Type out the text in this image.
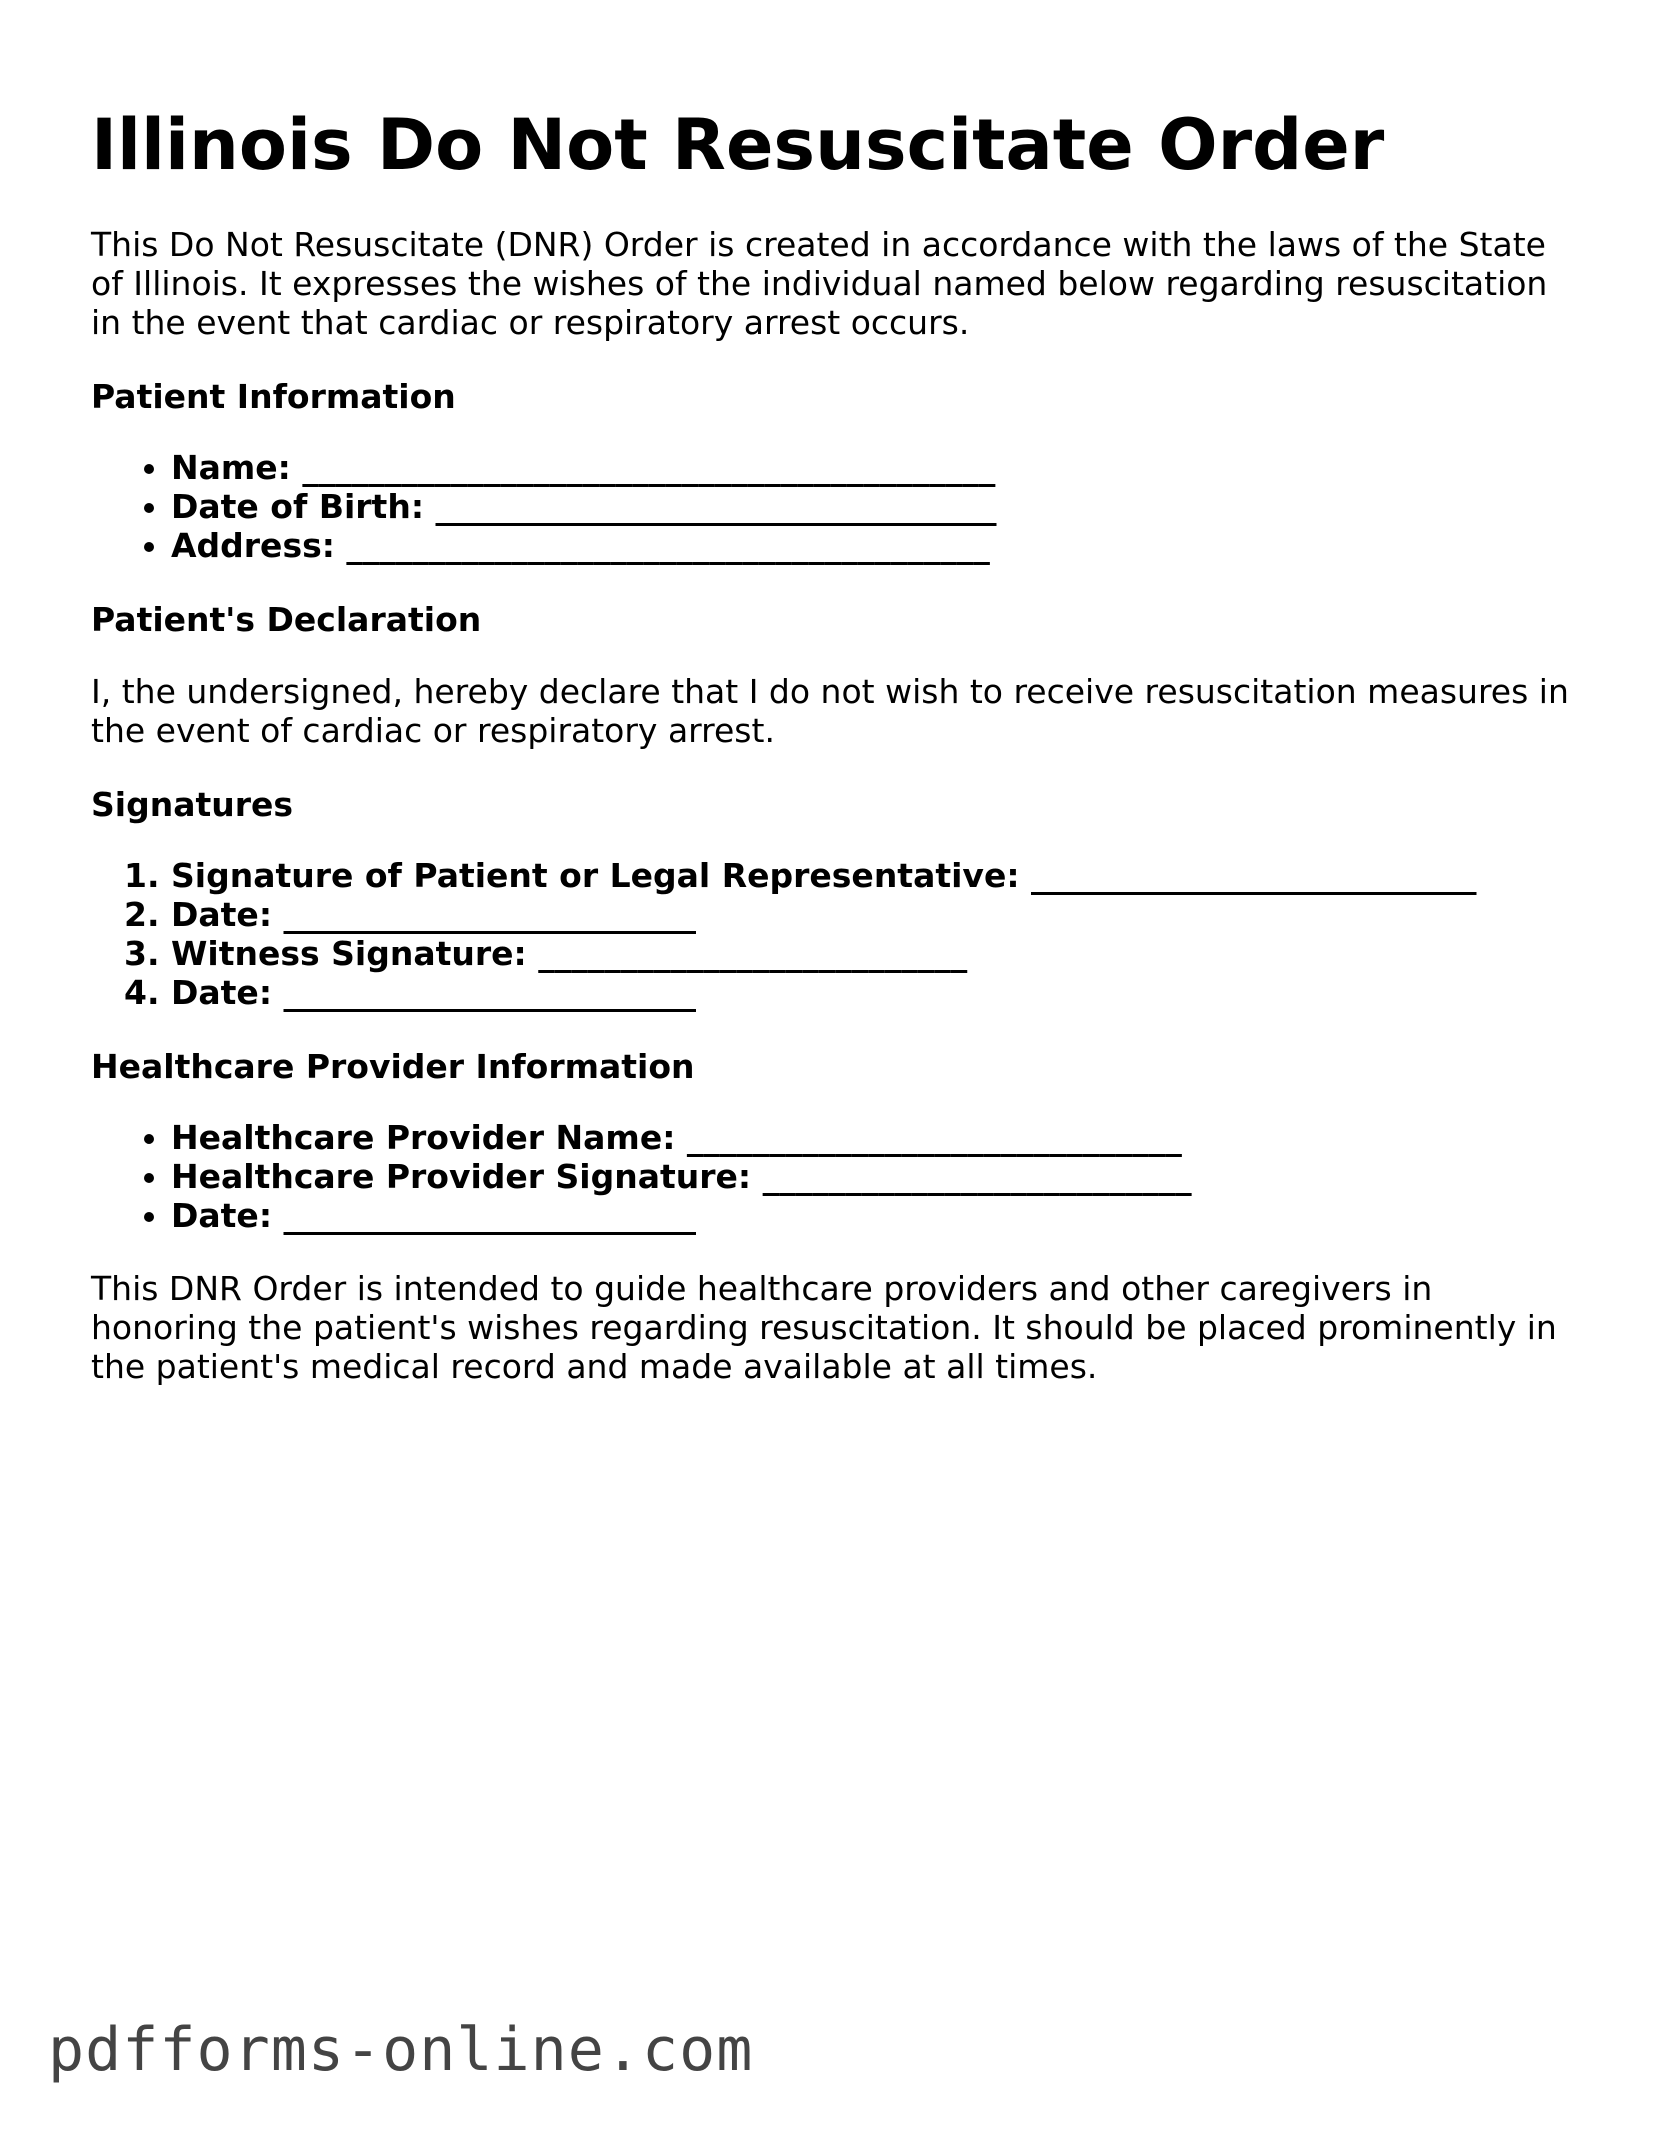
Illinois Do Not Resuscitate Order

This Do Not Resuscitate (DNR) Order is created in accordance with the laws of the State of Illinois. It expresses the wishes of the individual named below regarding resuscitation in the event that cardiac or respiratory arrest occurs.

Patient Information
• Name: __________________________________________
• Date of Birth: __________________________________
• Address: _______________________________________
Patient's Declaration

I, the undersigned, hereby declare that I do not wish to receive resuscitation measures in the event of cardiac or respiratory arrest.

Signatures
1. Signature of Patient or Legal Representative: ___________________________
2. Date: _________________________
3. Witness Signature: __________________________
4. Date: _________________________
Healthcare Provider Information
• Healthcare Provider Name: ______________________________
• Healthcare Provider Signature: __________________________
• Date: _________________________

This DNR Order is intended to guide healthcare providers and other caregivers in honoring the patient's wishes regarding resuscitation. It should be placed prominently in the patient's medical record and made available at all times.

pdfforms-online.com
